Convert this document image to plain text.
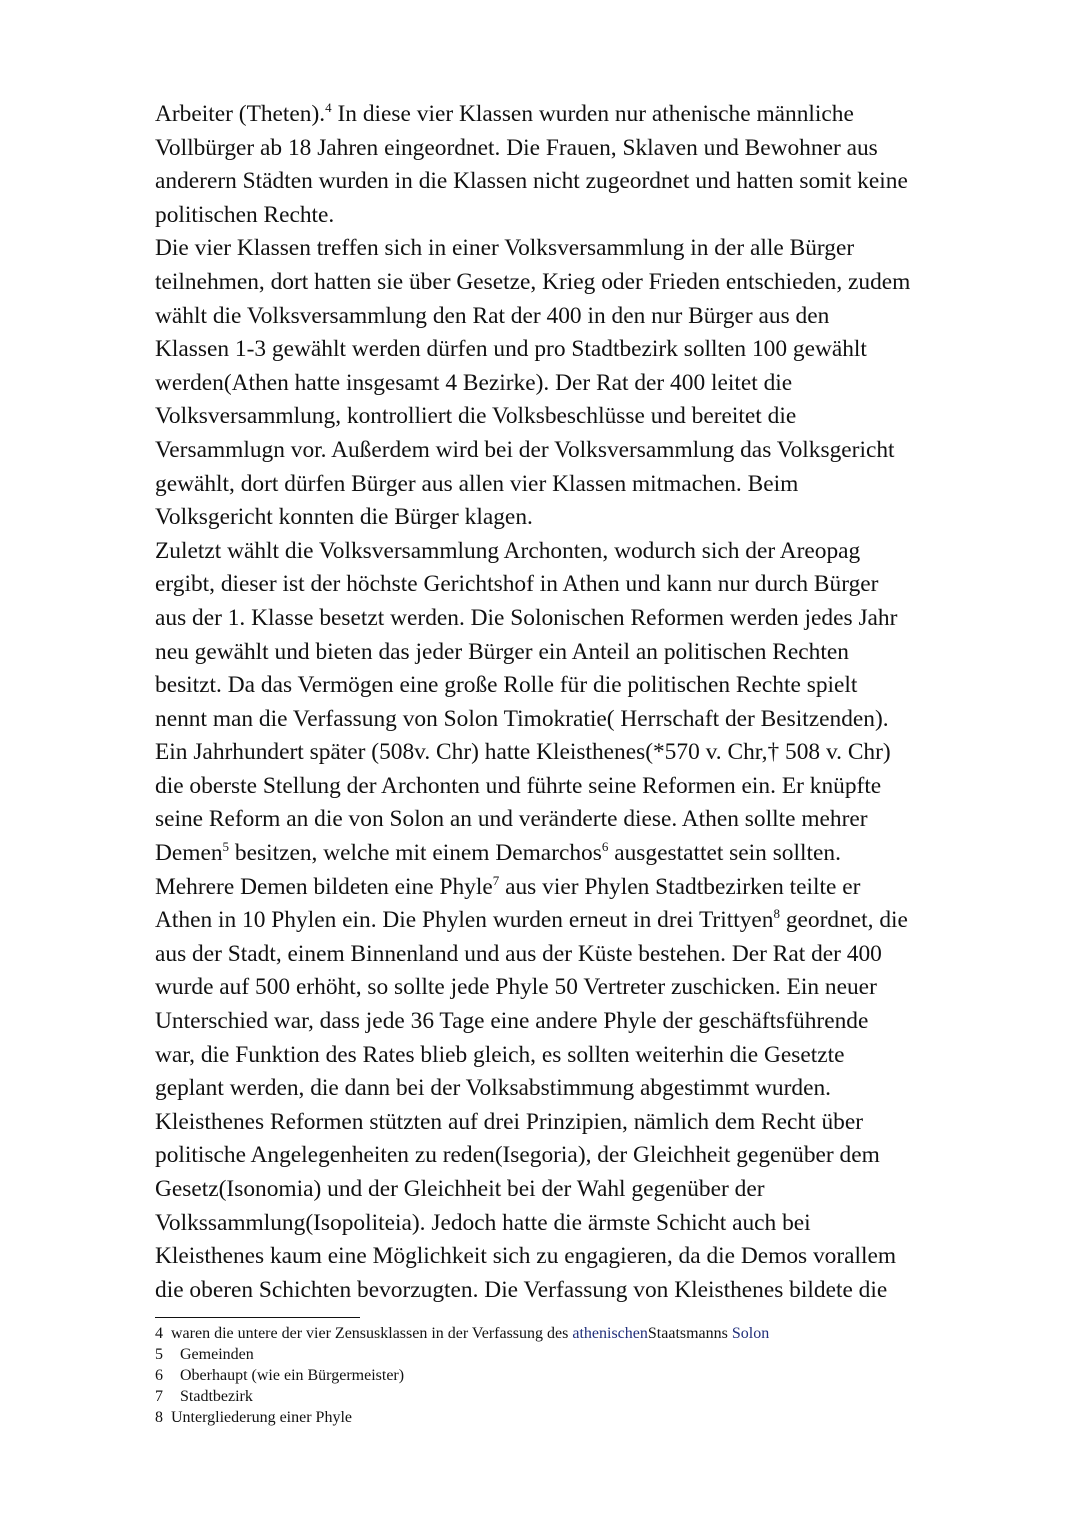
Arbeiter (Theten).$^4$ In diese vier Klassen wurden nur athenische männliche
Vollbürger ab 18 Jahren eingeordnet. Die Frauen, Sklaven und Bewohner aus
anderern Städten wurden in die Klassen nicht zugeordnet und hatten somit keine
politischen Rechte.
Die vier Klassen treffen sich in einer Volksversammlung in der alle Bürger
teilnehmen, dort hatten sie über Gesetze, Krieg oder Frieden entschieden, zudem
wählt die Volksversammlung den Rat der 400 in den nur Bürger aus den
Klassen 1-3 gewählt werden dürfen und pro Stadtbezirk sollten 100 gewählt
werden(Athen hatte insgesamt 4 Bezirke). Der Rat der 400 leitet die
Volksversammlung, kontrolliert die Volksbeschlüsse und bereitet die
Versammlugn vor. Außerdem wird bei der Volksversammlung das Volksgericht
gewählt, dort dürfen Bürger aus allen vier Klassen mitmachen. Beim
Volksgericht konnten die Bürger klagen.
Zuletzt wählt die Volksversammlung Archonten, wodurch sich der Areopag
ergibt, dieser ist der höchste Gerichtshof in Athen und kann nur durch Bürger
aus der 1. Klasse besetzt werden. Die Solonischen Reformen werden jedes Jahr
neu gewählt und bieten das jeder Bürger ein Anteil an politischen Rechten
besitzt. Da das Vermögen eine große Rolle für die politischen Rechte spielt
nennt man die Verfassung von Solon Timokratie( Herrschaft der Besitzenden).
Ein Jahrhundert später (508v. Chr) hatte Kleisthenes(*570 v. Chr,† 508 v. Chr)
die oberste Stellung der Archonten und führte seine Reformen ein. Er knüpfte
seine Reform an die von Solon an und veränderte diese. Athen sollte mehrer
Demen$^5$ besitzen, welche mit einem Demarchos$^6$ ausgestattet sein sollten.
Mehrere Demen bildeten eine Phyle$^7$ aus vier Phylen Stadtbezirken teilte er
Athen in 10 Phylen ein. Die Phylen wurden erneut in drei Trittyen$^8$ geordnet, die
aus der Stadt, einem Binnenland und aus der Küste bestehen. Der Rat der 400
wurde auf 500 erhöht, so sollte jede Phyle 50 Vertreter zuschicken. Ein neuer
Unterschied war, dass jede 36 Tage eine andere Phyle der geschäftsführende
war, die Funktion des Rates blieb gleich, es sollten weiterhin die Gesetzte
geplant werden, die dann bei der Volksabstimmung abgestimmt wurden.
Kleisthenes Reformen stützten auf drei Prinzipien, nämlich dem Recht über
politische Angelegenheiten zu reden(Isegoria), der Gleichheit gegenüber dem
Gesetz(Isonomia) und der Gleichheit bei der Wahl gegenüber der
Volkssammlung(Isopoliteia). Jedoch hatte die ärmste Schicht auch bei
Kleisthenes kaum eine Möglichkeit sich zu engagieren, da die Demos vorallem
die oberen Schichten bevorzugten. Die Verfassung von Kleisthenes bildete die
4 waren die untere der vier Zensusklassen in der Verfassung des athenischenStaatsmanns Solon
5 Gemeinden
6 Oberhaupt (wie ein Bürgermeister)
7 Stadtbezirk
8 Untergliederung einer Phyle
